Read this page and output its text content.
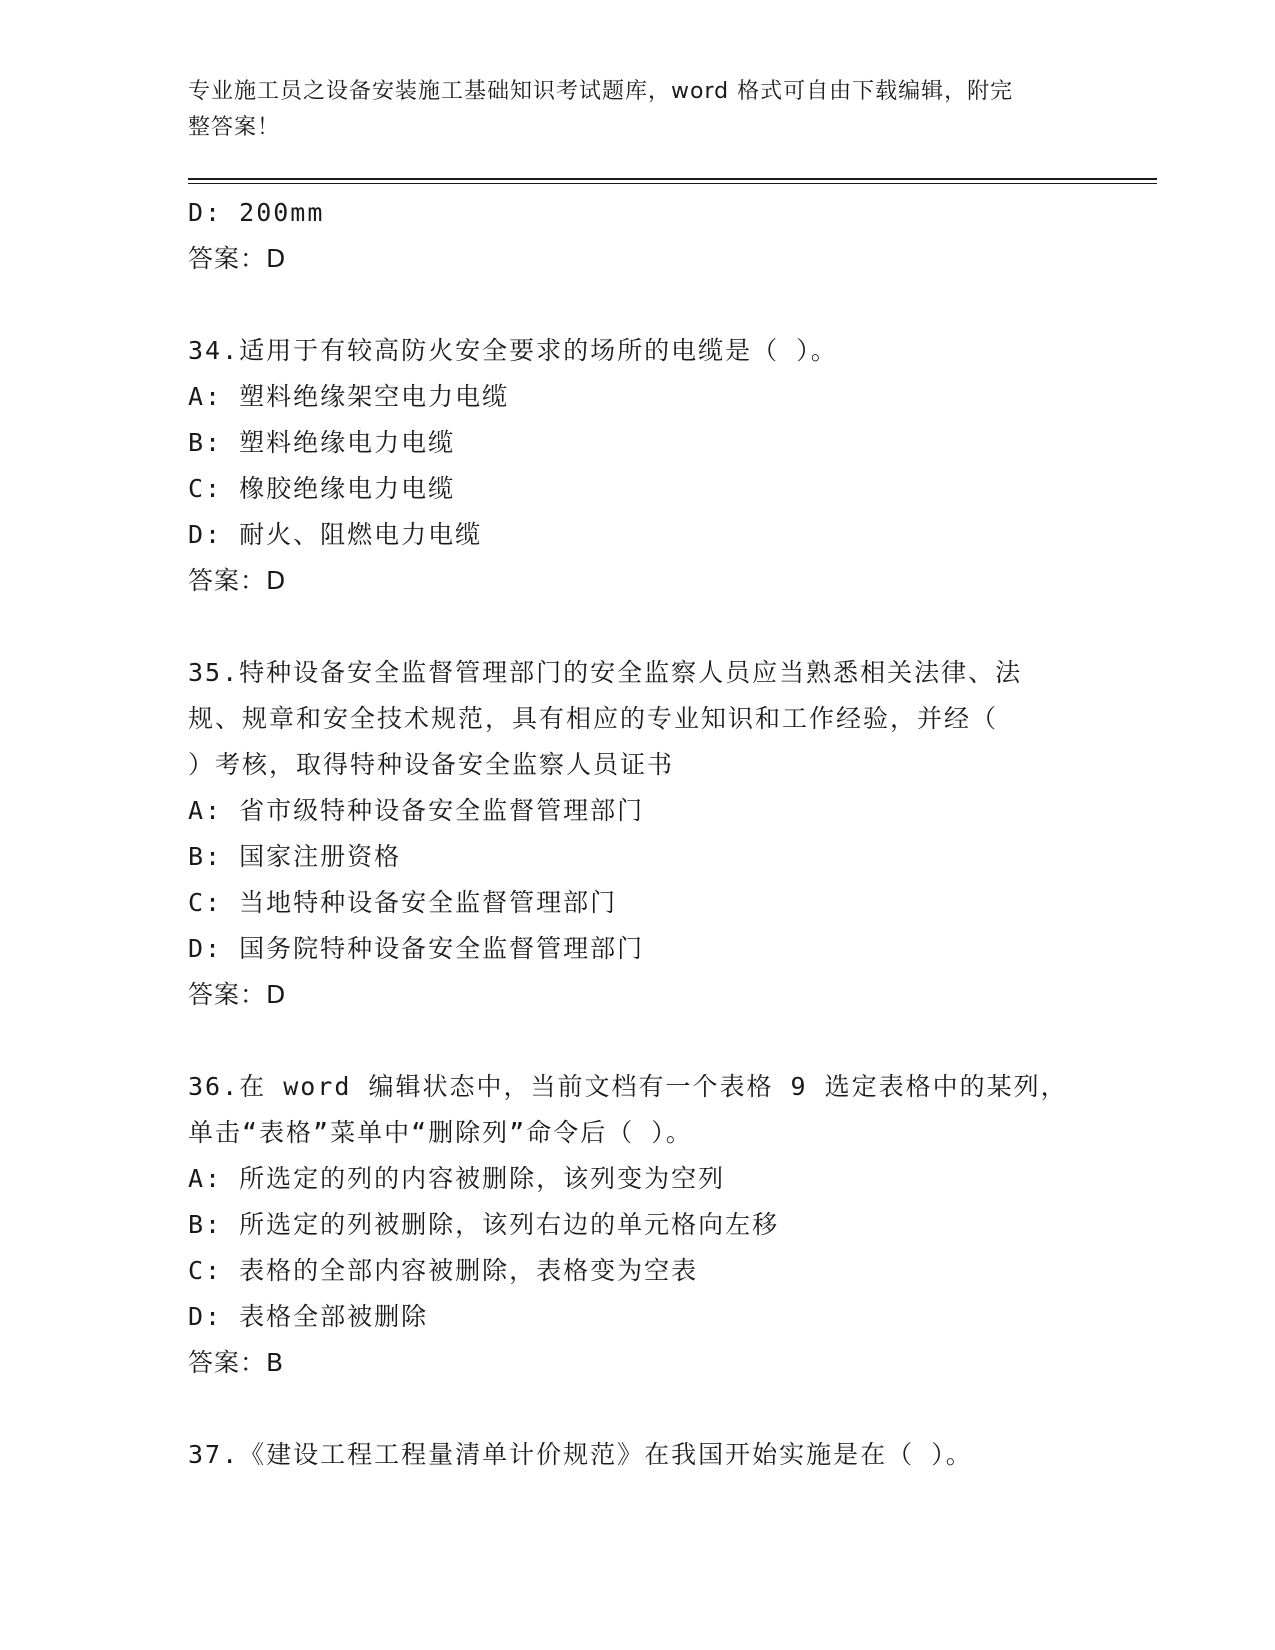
专业施工员之设备安装施工基础知识考试题库，word 格式可自由下载编辑，附完
整答案！
D: 200mm
答案：D
34.适用于有较高防火安全要求的场所的电缆是（ ）。
A: 塑料绝缘架空电力电缆
B: 塑料绝缘电力电缆
C: 橡胶绝缘电力电缆
D: 耐火、阻燃电力电缆
答案：D
35.特种设备安全监督管理部门的安全监察人员应当熟悉相关法律、法
规、规章和安全技术规范，具有相应的专业知识和工作经验，并经（
）考核，取得特种设备安全监察人员证书
A: 省市级特种设备安全监督管理部门
B: 国家注册资格
C: 当地特种设备安全监督管理部门
D: 国务院特种设备安全监督管理部门
答案：D
36.在 word 编辑状态中，当前文档有一个表格 9 选定表格中的某列，
单击“表格”菜单中“删除列”命令后（ ）。
A: 所选定的列的内容被删除，该列变为空列
B: 所选定的列被删除，该列右边的单元格向左移
C: 表格的全部内容被删除，表格变为空表
D: 表格全部被删除
答案：B
37.《建设工程工程量清单计价规范》在我国开始实施是在（ ）。
